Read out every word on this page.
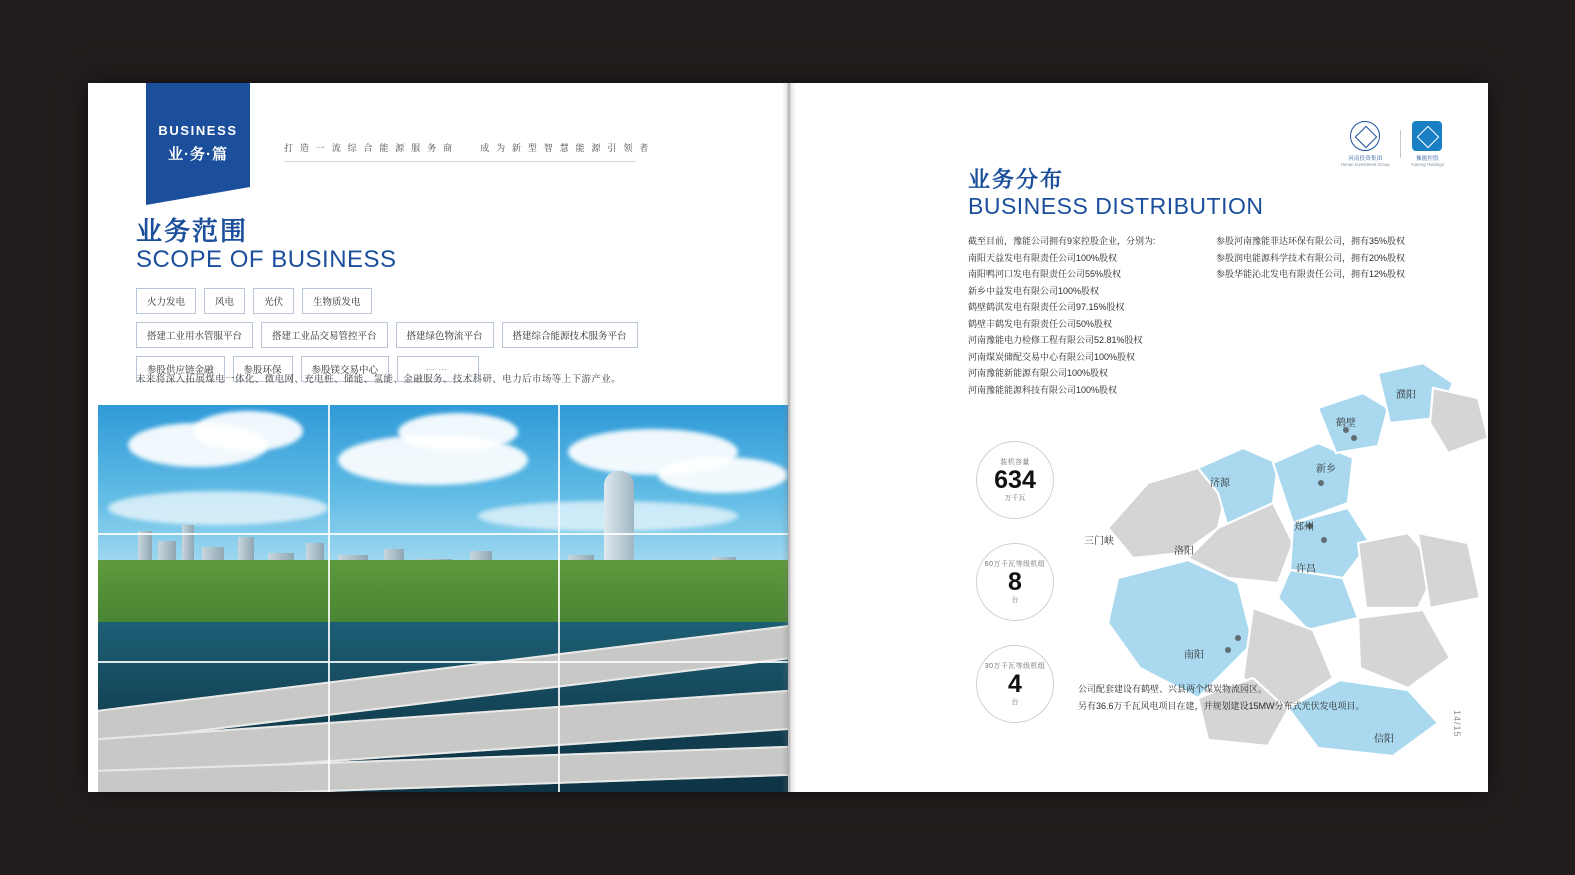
BUSINESS
业·务·篇	打 造 一 流 综 合 能 源 服 务 商	成 为 新 型 智 慧 能 源 引 领 者
业务范围
SCOPE OF BUSINESS
火力发电	风电	光伏	生物质发电
搭建工业用水管服平台	搭建工业品交易管控平台	搭建绿色物流平台	搭建综合能源技术服务平台
参股供应链金融	参股环保	参股镁交易中心	……
未来将深入拓展煤电一体化、微电网、充电桩、储能、氢能、金融服务、技术科研、电力后市场等上下游产业。
河南投资集团
Henan Investment Group
豫能控股
Yuneng Holdings
业务分布
BUSINESS DISTRIBUTION
截至目前，豫能公司拥有9家控股企业，分别为:
南阳天益发电有限责任公司100%股权
南阳鸭河口发电有限责任公司55%股权
新乡中益发电有限公司100%股权
鹤壁鹤淇发电有限责任公司97.15%股权
鹤壁丰鹤发电有限责任公司50%股权
河南豫能电力检修工程有限公司52.81%股权
河南煤炭储配交易中心有限公司100%股权
河南豫能新能源有限公司100%股权
河南豫能能源科技有限公司100%股权
参股河南豫能菲达环保有限公司，拥有35%股权
参股润电能源科学技术有限公司，拥有20%股权
参股华能沁北发电有限责任公司，拥有12%股权
濮阳
鹤壁
新乡
济源
郑州
三门峡
洛阳
许昌
南阳
信阳
装机容量
634
万千瓦
60万千瓦等级机组
8
台
30万千瓦等级机组
4
台
公司配套建设有鹤壁、兴县两个煤炭物流园区。
另有36.6万千瓦风电项目在建，并规划建设15MW分布式光伏发电项目。
14/15
